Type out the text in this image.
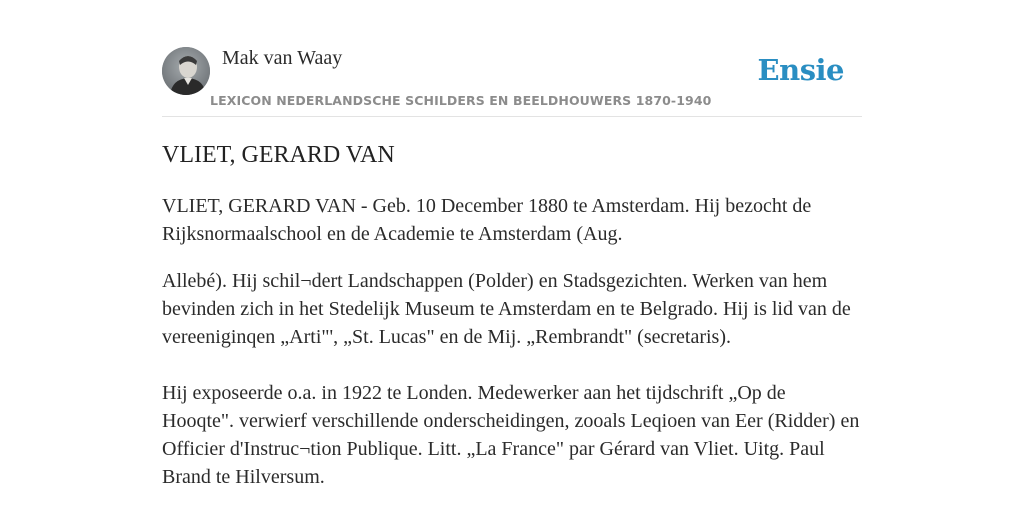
Mak van Waay
LEXICON NEDERLANDSCHE SCHILDERS EN BEELDHOUWERS 1870-1940
Ensie
VLIET, GERARD VAN

VLIET, GERARD VAN - Geb. 10 December 1880 te Amsterdam. Hij bezocht de Rijksnormaalschool en de Academie te Amsterdam (Aug.

Allebé). Hij schil¬dert Landschappen (Polder) en Stadsgezichten. Werken van hem bevinden zich in het Stedelijk Museum te Amsterdam en te Belgrado. Hij is lid van de vereeniginqen „Arti"', „St. Lucas" en de Mij. „Rembrandt" (secretaris).

Hij exposeerde o.a. in 1922 te Londen. Medewerker aan het tijdschrift „Op de Hooqte". verwierf verschillende onderscheidingen, zooals Leqioen van Eer (Ridder) en Officier d'Instruc¬tion Publique. Litt. „La France" par Gérard van Vliet. Uitg. Paul Brand te Hilversum.
